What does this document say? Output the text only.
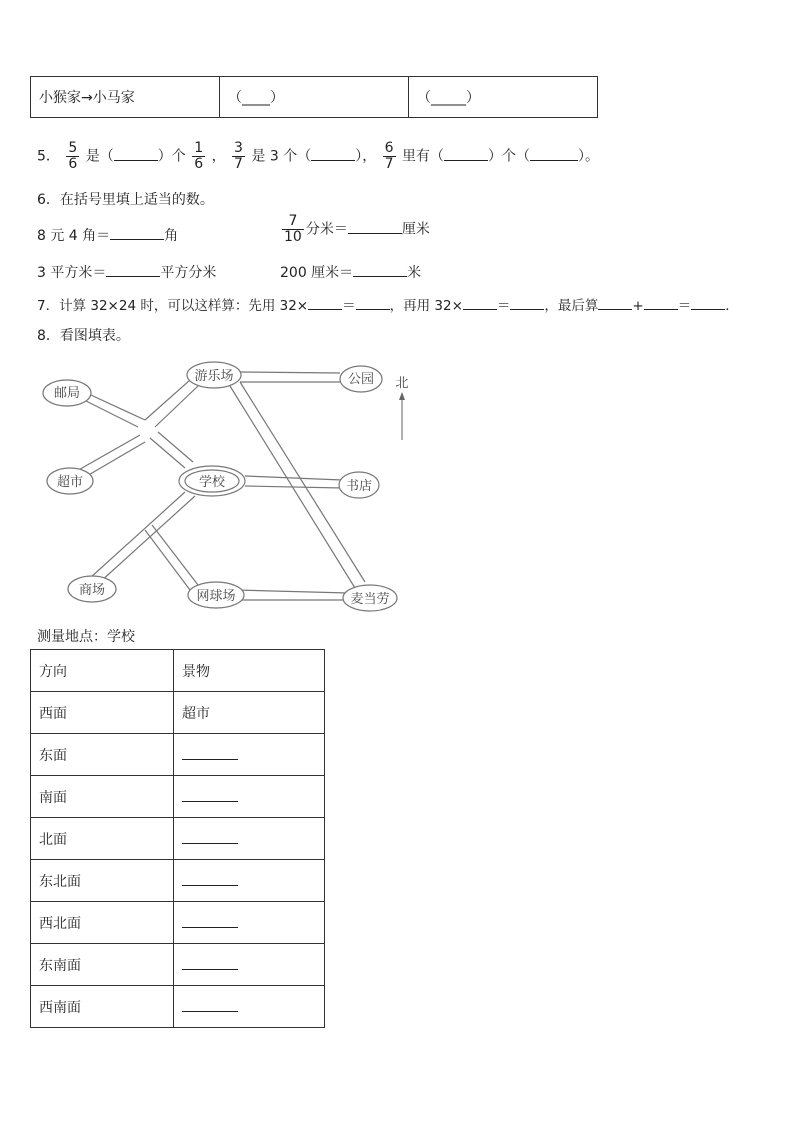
小猴家→小马家	（____）	（_____）
5． $\frac{5}{6}$ 是（	）个 $\frac{1}{6}$ ， $\frac{3}{7}$ 是 3 个（	）， $\frac{6}{7}$ 里有（	）个（	）。
6．在括号里填上适当的数。
8 元 4 角＝	角	$\frac{7}{10}$ 分米＝	厘米
3 平方米＝	平方分米	200 厘米＝	米
7．计算 32×24 时，可以这样算：先用 32×	＝	，再用 32×	＝	，最后算	+	＝	．
8．看图填表。
邮局
游乐场	公园
超市	学校	书店
商场	网球场	麦当劳
北
测量地点：学校
方向	景物
西面	超市
东面	
南面	
北面	
东北面	
西北面	
东南面	
西南面	
